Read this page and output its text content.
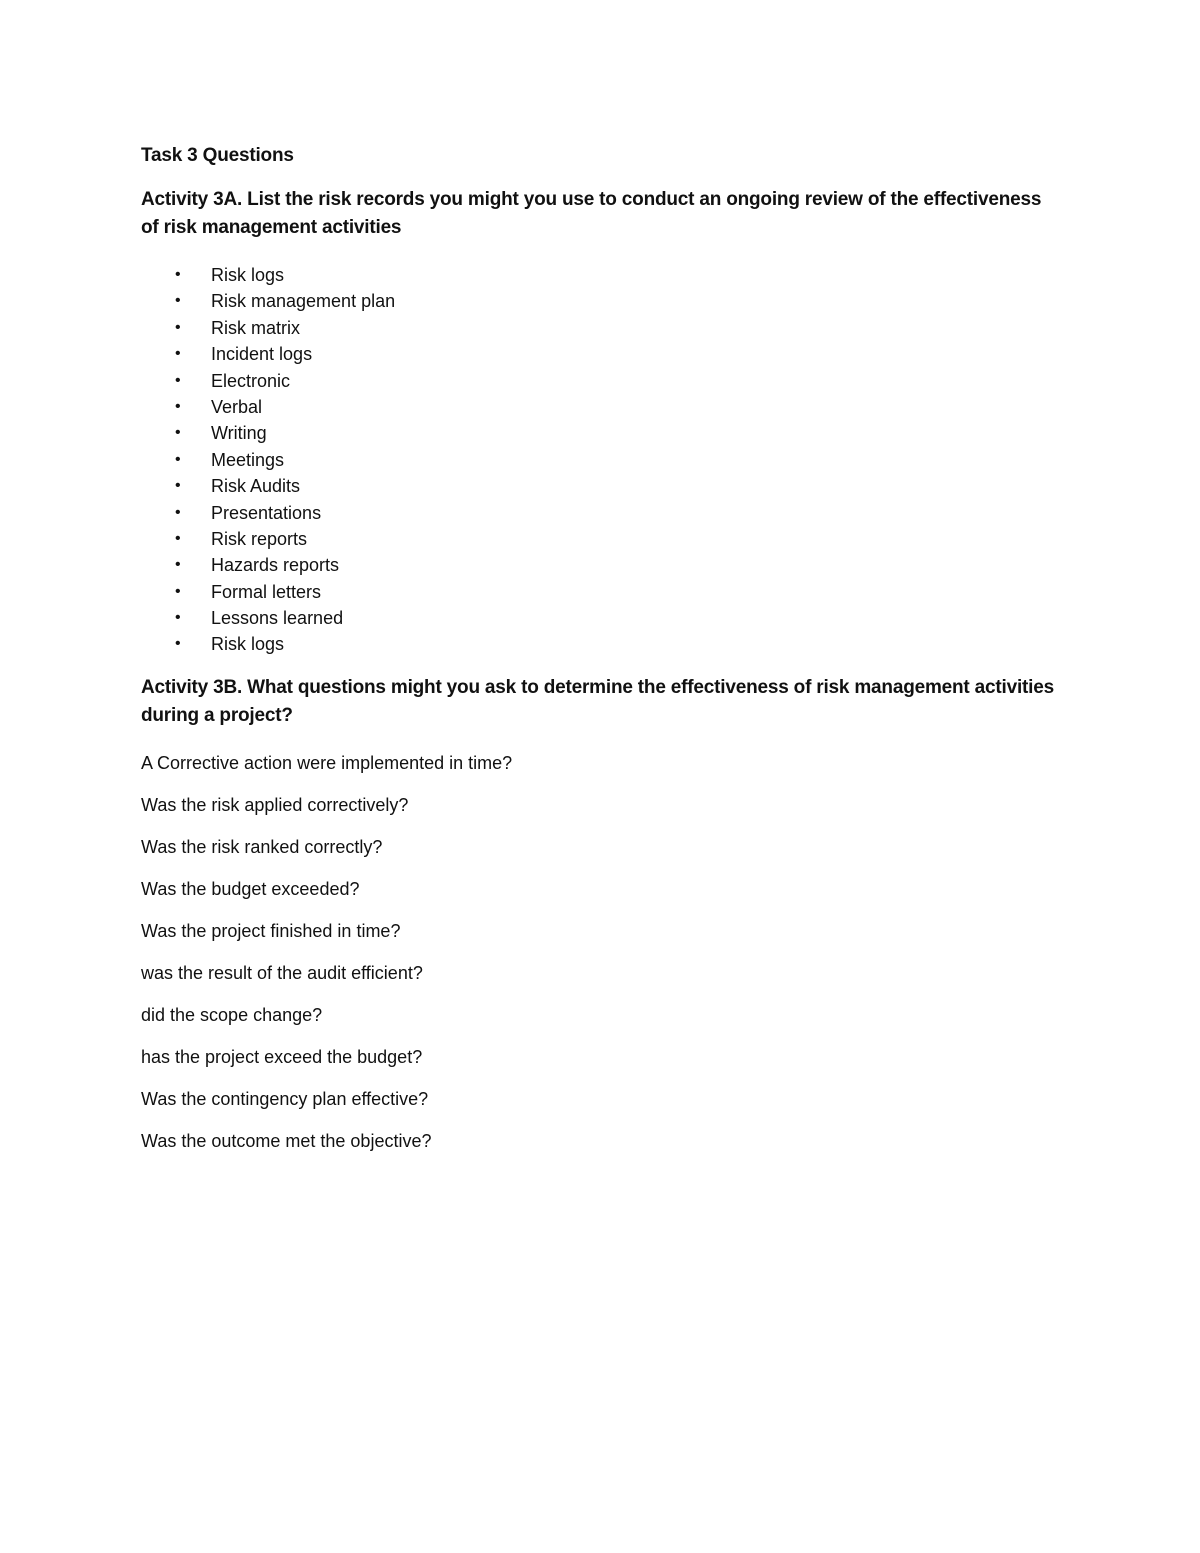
Task 3 Questions

Activity 3A. List the risk records you might you use to conduct an ongoing review of the effectiveness of risk management activities

• Risk logs
• Risk management plan
• Risk matrix
• Incident logs
• Electronic
• Verbal
• Writing
• Meetings
• Risk Audits
• Presentations
• Risk reports
• Hazards reports
• Formal letters
• Lessons learned
• Risk logs

Activity 3B. What questions might you ask to determine the effectiveness of risk management activities during a project?

A Corrective action were implemented in time?

Was the risk applied correctively?

Was the risk ranked correctly?

Was the budget exceeded?

Was the project finished in time?

was the result of the audit efficient?

did the scope change?

has the project exceed the budget?

Was the contingency plan effective?

Was the outcome met the objective?
